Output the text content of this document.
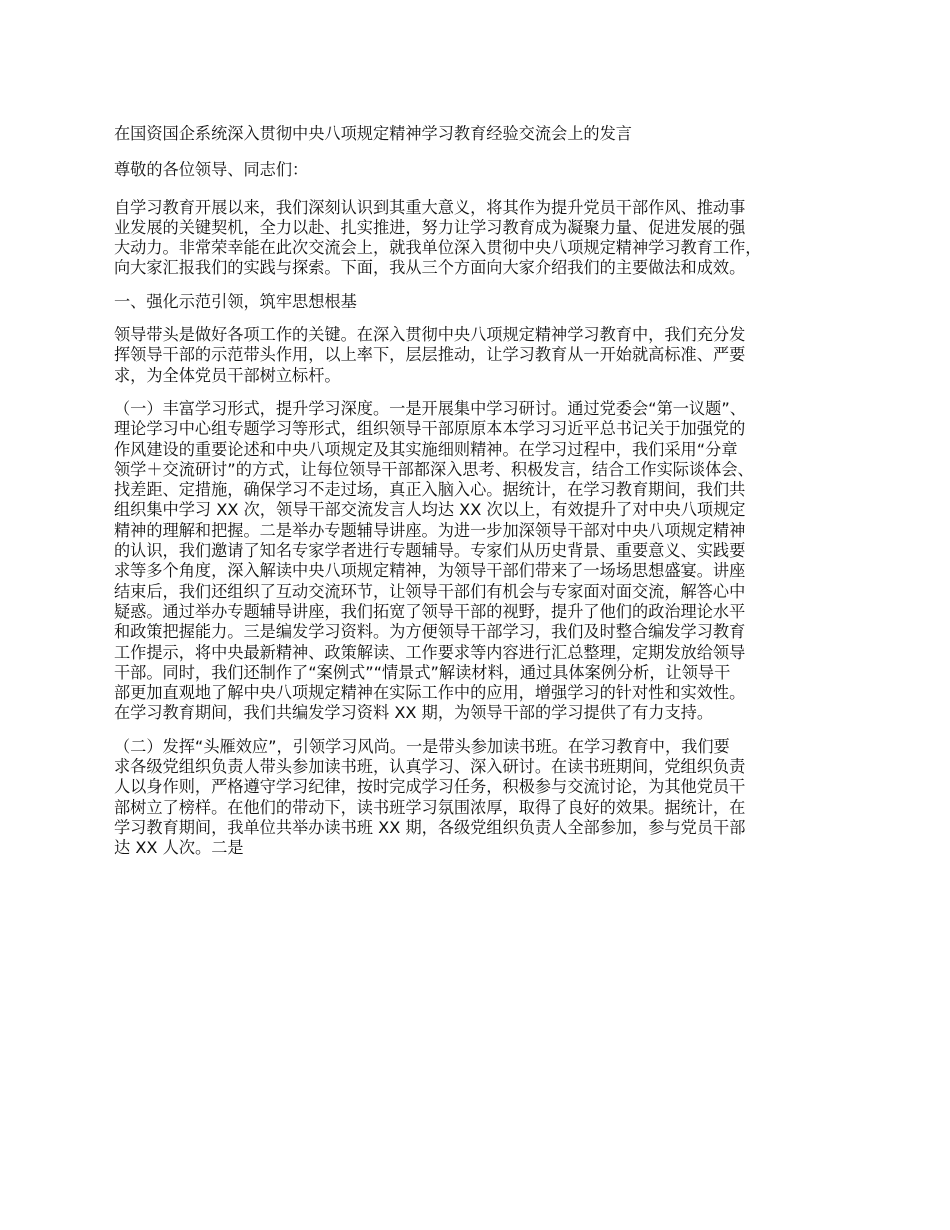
在国资国企系统深入贯彻中央八项规定精神学习教育经验交流会上的发言
尊敬的各位领导、同志们：
自学习教育开展以来，我们深刻认识到其重大意义，将其作为提升党员干部作风、推动事
业发展的关键契机，全力以赴、扎实推进，努力让学习教育成为凝聚力量、促进发展的强
大动力。非常荣幸能在此次交流会上，就我单位深入贯彻中央八项规定精神学习教育工作，
向大家汇报我们的实践与探索。下面，我从三个方面向大家介绍我们的主要做法和成效。
一、强化示范引领，筑牢思想根基
领导带头是做好各项工作的关键。在深入贯彻中央八项规定精神学习教育中，我们充分发
挥领导干部的示范带头作用，以上率下，层层推动，让学习教育从一开始就高标准、严要
求，为全体党员干部树立标杆。
（一）丰富学习形式，提升学习深度。一是开展集中学习研讨。通过党委会“第一议题”、
理论学习中心组专题学习等形式，组织领导干部原原本本学习习近平总书记关于加强党的
作风建设的重要论述和中央八项规定及其实施细则精神。在学习过程中，我们采用“分章
领学＋交流研讨”的方式，让每位领导干部都深入思考、积极发言，结合工作实际谈体会、
找差距、定措施，确保学习不走过场，真正入脑入心。据统计，在学习教育期间，我们共
组织集中学习 XX 次，领导干部交流发言人均达 XX 次以上，有效提升了对中央八项规定
精神的理解和把握。二是举办专题辅导讲座。为进一步加深领导干部对中央八项规定精神
的认识，我们邀请了知名专家学者进行专题辅导。专家们从历史背景、重要意义、实践要
求等多个角度，深入解读中央八项规定精神，为领导干部们带来了一场场思想盛宴。讲座
结束后，我们还组织了互动交流环节，让领导干部们有机会与专家面对面交流，解答心中
疑惑。通过举办专题辅导讲座，我们拓宽了领导干部的视野，提升了他们的政治理论水平
和政策把握能力。三是编发学习资料。为方便领导干部学习，我们及时整合编发学习教育
工作提示，将中央最新精神、政策解读、工作要求等内容进行汇总整理，定期发放给领导
干部。同时，我们还制作了“案例式”“情景式”解读材料，通过具体案例分析，让领导干
部更加直观地了解中央八项规定精神在实际工作中的应用，增强学习的针对性和实效性。
在学习教育期间，我们共编发学习资料 XX 期，为领导干部的学习提供了有力支持。
（二）发挥“头雁效应”，引领学习风尚。一是带头参加读书班。在学习教育中，我们要
求各级党组织负责人带头参加读书班，认真学习、深入研讨。在读书班期间，党组织负责
人以身作则，严格遵守学习纪律，按时完成学习任务，积极参与交流讨论，为其他党员干
部树立了榜样。在他们的带动下，读书班学习氛围浓厚，取得了良好的效果。据统计，在
学习教育期间，我单位共举办读书班 XX 期，各级党组织负责人全部参加，参与党员干部
达 XX 人次。二是
